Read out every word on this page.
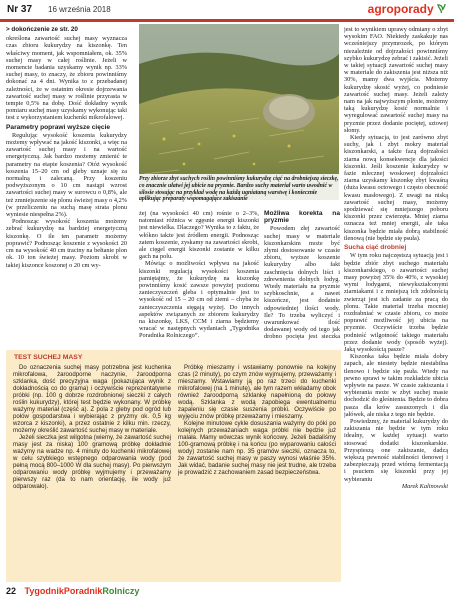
Nr 37 16 września 2018	agroporady

> dokończenie ze str. 20

określona zawartość suchej masy wyznacza czas zbioru kukurydzy na kiszonkę. Ten właściwy moment, jak wspomniałem, ok. 35% suchej masy w całej roślinie. Jeżeli w momencie badania uzyskamy wynik np. 33% suchej masy, to znaczy, że zbioru powinniśmy dokonać za 4 dni. Wynika to z przebadanej zależności, że w ostatnim okresie dojrzewania zawartość suchej masy w roślinie przyrasta w tempie 0,5% na dobę. Dość dokładny wynik pomiaru suchej masy uzyskamy wykonując taki test z wykorzystaniem kuchenki mikrofalowej.

Parametry poprawi wyższe cięcie

Regulując wysokość koszenia kukurydzy możemy wpływać na jakość kiszonki, a więc na zawartość suchej masy i na wartość energetyczną. Jak bardzo możemy zmienić te parametry na etapie koszenia? Otóż wysokość koszenia 15–20 cm od gleby uznaje się za normalną i zalecaną. Przy koszeniu podwyższonym o 10 cm nastąpi wzrost zawartości suchej masy w surowcu o 0,8%, ale też zmniejszenie się plonu świeżej masy o 4,2% (w przeliczeniu na suchą masę strata plonu wyniesie niespełna 2%).

Podnosząc wysokość koszenia możemy zebrać kukurydzę na bardziej energetyczną kiszonkę. O ile ten parametr możemy poprawić? Podnosząc koszenie z wysokości 20 cm na wysokość 40 cm traciny na bełtanie plon ok. 10 ton świeżej masy. Poziom skrobi w takiej kiszonce koszonej o 20 cm wy-

Przy zbiorze zbyt suchych roślin powinniśmy kukurydzę ciąć na drobniejszą sieczkę, co znacznie ułatwi jej ubicie na pryzmie. Bardzo suchy materiał warto uwodnić w silosie stosując na przykład wodę na każdą ugniataną warstwę i koniecznie aplikując preparaty wspomagające zakiszanie

żej (na wysokości 40 cm) rośnie o 2–3%, natomiast różnica w zgęsnie energii kiszonki jest niewielka. Dlaczego? Wynika to z faktu, że włókno także jest źródłem energii. Podnosząc zatem koszenie, zyskamy na zawartości skrobi, ale cięgel energii kiszonki zostanie w kilku gach na polu.

Mówiąc o możliwości wpływu na jakość kiszonki regulacją wysokości koszenia pamiętajmy, że kukurydzę na kiszonkę powinniśmy kosić zawsze powyżej poziomu zanieczyszczeń gleba i optymalnie jest to wysokość od 15 – 20 cm od ziemi – chyba że zanieczyszczenia sięgają wyżej. Do innych aspektów związanych ze zbiorem kukurydzy na kiszonkę, LKS, CCM i ziarna będziemy wracać w następnych wydaniach „Tygodnika Poradnika Rolniczego”.

Możliwa korekta na pryzmie

Powodem złej zawartość suchej masy w materiale kiszonkarskim może być złymi dostosowanie w czasie zbioru, wyższe koszenie kukurydzy albo fakt zaschnięcia dolnych liści i zdrewnienia dolnych łodyg. Wtedy materiału na pryzmie szybkoschnie, a nawet kiszeńcze, jest dodatnie odpowiedniej ilości wody. Ile? To trzeba wyliczyć i uwarunkować ilość dodawanej wody od tego jak drobno pocięta jest sieczka

jest to wynikiem uprawy odmiany o zbyt wysokim FAO. Niekiedy zaskakuje nas wcześniejszy przymrozek, po którym niezależnie od dojrzałości powinniśmy szybko kukurydzę zebrać i zakisić. Jeżeli w takiej sytuacji zawartość suchej masy w materiale do zakiszenia jest niższa niż 30%, mamy dwa wyjścia. Możemy kukurydzę skosić wyżej, co podniesie zawartość suchej masy. Jeżeli zależy nam na jak najwyższym plonie, możemy taką kukurydzę kosić normalnie i wyregulować zawartość suchej masy na pryzmie przez dodanie pociętej, sztowej słomy.

Kiedy sytuacja, to jest zarówno zbyt suchy, jak i zbyt mokry materiał kiszonkarski, a także fazą dojrzałości ziarna nową konsekwencje dla jakości kiszonki. Jeśli koszenie kukurydzy w fazie mlecznej woskowej dojrzałości ziarna uzyskamy kiszonkę zbyt kwaśną (duża kwasu octowego i często obecność kwasu masłowego). Z uwagi na niską zawartość suchej masy, możemy spodziewać się mniejszego poboru kiszonki przez zwierzęta. Mniej ziarna oznacza też mniej energii, ale taka kiszonka będzie miała dobrą stabilność tlenową (nie będzie się psuła).

Sucha ciąć drobniej

W tym roku najczęstszą sytuacją jest i będzie zbiór zbyt suchego materiału kiszonkarskiego, o zawartości suchej masy powyżej 35% do 40%, z wysokiej wymi łodygami, niewykształconymi ziarniakami i z mniejszą ich zdolnością zwierząt jest ich zadanie za pracą do plonu. Takie materiał trzeba mocniej rozdrabniać w czasie zbioru, co może poprawić możliwość jej ubicia na pryzmie. Oczywiście trzeba będzie podnieść wilgotność takiego materiału przez dodanie wody (sposób wyżej). Jaką wysokością pasze?

Kiszonka taka będzie miała dobry zapach, ale niestety będzie niestabilna tlenowo i będzie się psuła. Wtedy na pewno sprawi w takim rozkładzie ubicia wpływie na pasze. W czasie zakiszania i wybierania może w zbyt suchej masie dochodzić do gleśnienia. Będzie to dobra pasza dla krów zasuszonych i dla jałówek, ale niska z tego nie będzie.

Powiedzmy, że materiał kukurydzy do zakiszania nie będzie w tym roku idealny, w każdej sytuacji warto stosować dodatki kiszonkarskie. Przyspieszą one zakiszanie, dadzą większą pewność stabilności tlenowej i zabezpieczają przed wtórną fermentacją i psuciem się kiszonki przy jej wybieraniu

Marek Kalinowski

TEST SUCHEJ MASY

Do oznaczenia suchej masy potrzebna jest kuchenka mikrofalowa, żaroodporne naczynie, żaroodporna szklanka, dość precyzyjna waga (pokazująca wynik z dokładnością co do grama) i oczywiście reprezentatywne próbki (np. 100 g dobrze rozdrobnionej sieczki z całych roślin kukurydzy), której test będzie wykonany. W próbkę ważymy materiał (część a). Z pola z gleby pod ogród lub połów gospodarstwa i wybierając z pryzmy ok. 0,5 kg wzorca z kiszonki), a przez ostatnie z kilku min. rzeczy, możemy określić zawartość suchej masy w materiale.

Jeżeli sieczka jest wilgotna (wiemy, że zawartość suchej masy jest za niska) 100 gramową próbkę dokładnie ważymy na wadze np. 4 minuty do kuchenki mikrofalowej w celu szybkiego wstępnego odparowania wody (pod pełną mocą 800–1000 W dla suchej masy). Po pierwszym odparowaniu wody próbkę wyjmujemy i przeważamy pierwszy raz (da to nam orientację, ile wody już odparowało).

Próbkę mieszamy i wstawiamy ponownie na kolejny czas (2 minuty), po czym znów wyjmujemy, przeważamy i mieszamy. Wstawiamy ją po raz trzeci do kuchenki mikrofalowej (na 1 minutę), ale tym razem wkładamy obok również żaroodporną szklankę napełnioną do połowy wodą. Szklanka z wodą zapobiega ewentualnemu zapaleniu się czasie suszenia próbki. Oczywiście po wyjęciu znów próbkę przeważamy i mieszamy.

Kolejne minutowe cykle dosuszania ważymy do póki po kolejnych przeważaniach waga próbki nie będzie już malała. Mamy wówczas wynik końcowy. Jeżeli badaliśmy 100-gramową próbkę i na końcu (po wyparowaniu całości wody) zostanie nam np. 35 gramów sieczki, oznacza to, że zawartość suchej masy w paszy wynosi właśnie 35%. Jak widać, badanie suchej masy nie jest trudne, ale trzeba je prowadzić z zachowaniem zasad bezpieczeństwa.

22 TygodnikPoradnikRolniczy
